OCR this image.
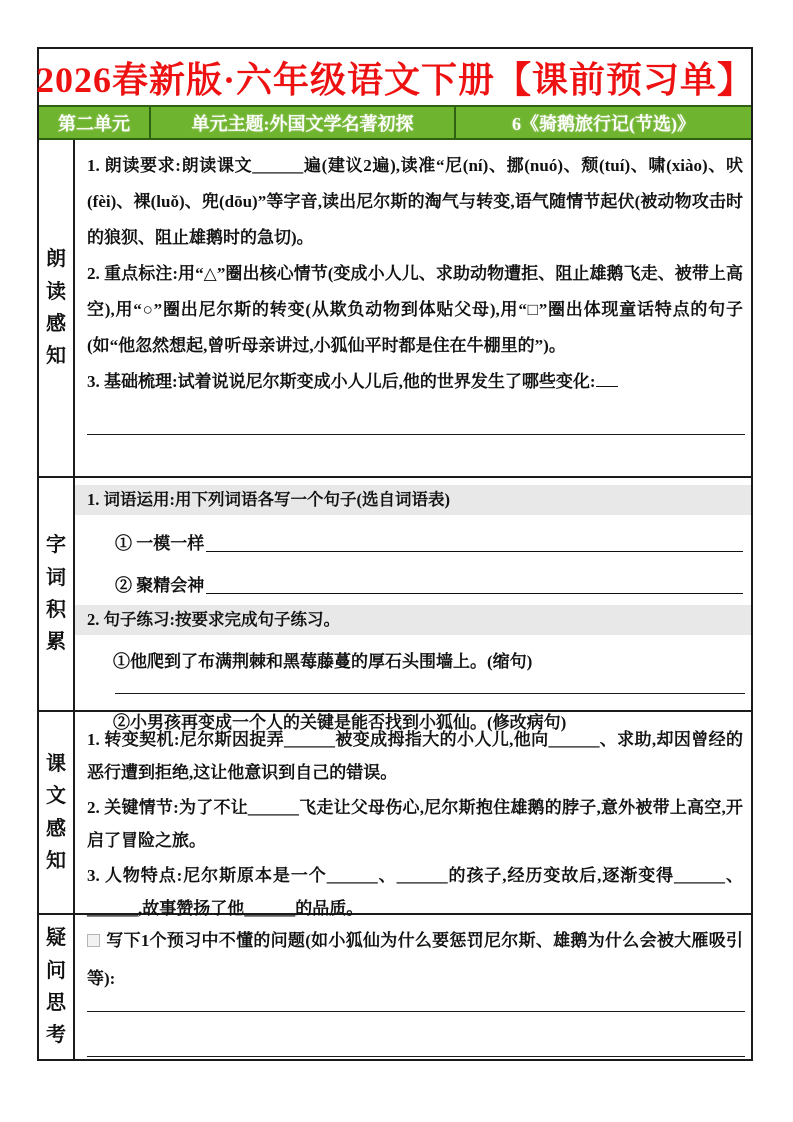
2026春新版·六年级语文下册【课前预习单】
第二单元	单元主题:外国文学名著初探	6《骑鹅旅行记(节选)》
朗读感知

1. 朗读要求:朗读课文______遍(建议2遍),读准“尼(ní)、挪(nuó)、颓(tuí)、啸(xiào)、吠(fèi)、裸(luǒ)、兜(dōu)”等字音,读出尼尔斯的淘气与转变,语气随情节起伏(被动物攻击时的狼狈、阻止雄鹅时的急切)。

2. 重点标注:用“△”圈出核心情节(变成小人儿、求助动物遭拒、阻止雄鹅飞走、被带上高空),用“○”圈出尼尔斯的转变(从欺负动物到体贴父母),用“□”圈出体现童话特点的句子(如“他忽然想起,曾听母亲讲过,小狐仙平时都是住在牛棚里的”)。

3. 基础梳理:试着说说尼尔斯变成小人儿后,他的世界发生了哪些变化:

字词积累
1. 词语运用:用下列词语各写一个句子(选自词语表)
① 一模一样
② 聚精会神
2. 句子练习:按要求完成句子练习。

①他爬到了布满荆棘和黑莓藤蔓的厚石头围墙上。(缩句)

②小男孩再变成一个人的关键是能否找到小狐仙。(修改病句)

课文感知

1. 转变契机:尼尔斯因捉弄______被变成拇指大的小人儿,他向______、求助,却因曾经的恶行遭到拒绝,这让他意识到自己的错误。

2. 关键情节:为了不让______飞走让父母伤心,尼尔斯抱住雄鹅的脖子,意外被带上高空,开启了冒险之旅。

3. 人物特点:尼尔斯原本是一个______、______的孩子,经历变故后,逐渐变得______、______,故事赞扬了他______的品质。

疑问思考

写下1个预习中不懂的问题(如小狐仙为什么要惩罚尼尔斯、雄鹅为什么会被大雁吸引等):
